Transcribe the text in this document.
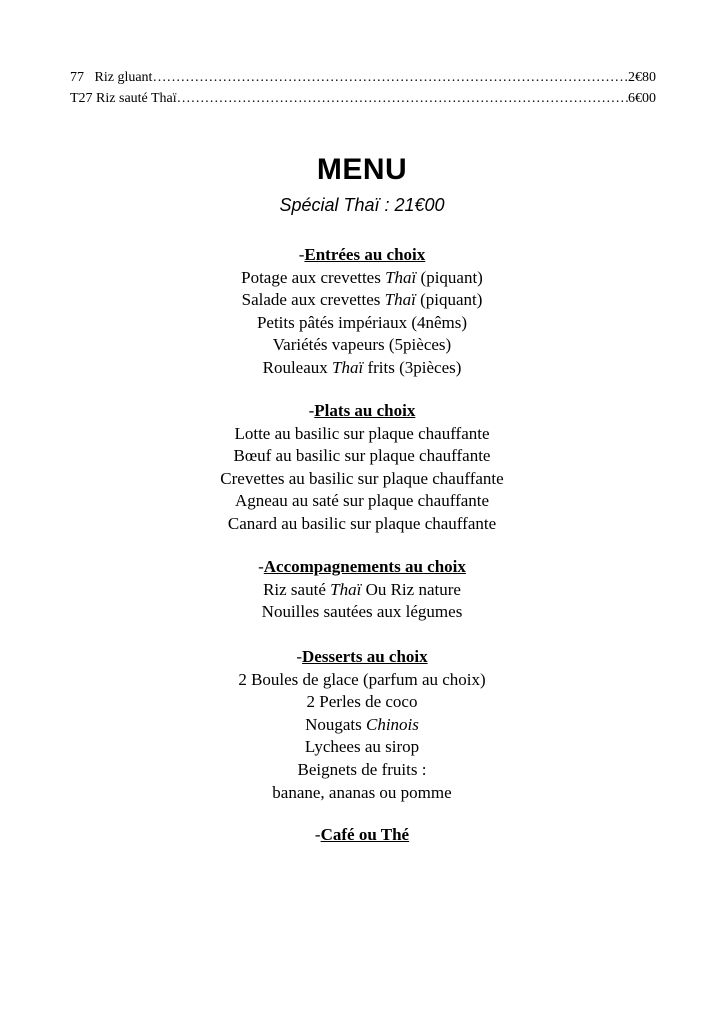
77   Riz gluant ……………………………………………………………………………………………………………………………………………………………………………	2€80
T27 Riz sauté Thaï ……………………………………………………………………………………………………………………………………………………………………………	6€00
MENU
Spécial Thaï : 21€00
-Entrées au choix
Potage aux crevettes Thaï (piquant)
Salade aux crevettes Thaï (piquant)
Petits pâtés impériaux (4nêms)
Variétés vapeurs (5pièces)
Rouleaux Thaï frits (3pièces)
-Plats au choix
Lotte au basilic sur plaque chauffante
Bœuf au basilic sur plaque chauffante
Crevettes au basilic sur plaque chauffante
Agneau au saté sur plaque chauffante
Canard au basilic sur plaque chauffante
-Accompagnements au choix
Riz sauté Thaï Ou Riz nature
Nouilles sautées aux légumes
-Desserts au choix
2 Boules de glace (parfum au choix)
2 Perles de coco
Nougats Chinois
Lychees au sirop
Beignets de fruits :
banane, ananas ou pomme
-Café ou Thé
